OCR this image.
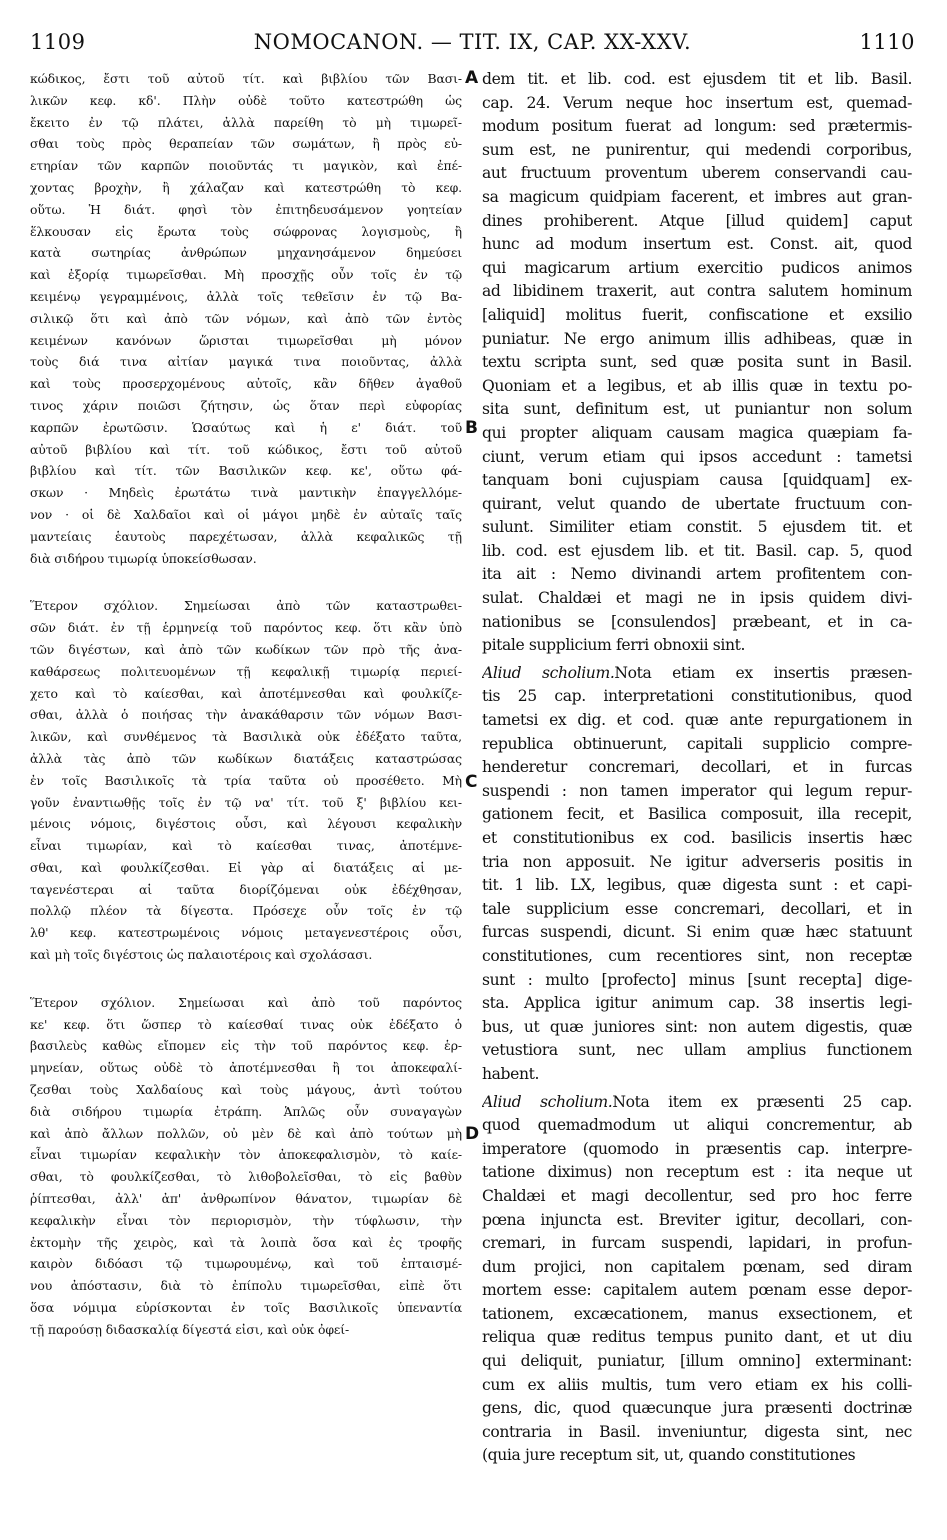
1109	NOMOCANON. — TIT. IX, CAP. XX-XXV.	1110
κώδικος, ἔστι τοῦ αὐτοῦ τίτ. καὶ βιβλίου τῶν Βασι-
λικῶν κεφ. κδ'. Πλὴν οὐδὲ τοῦτο κατεστρώθη ὡς
ἔκειτο ἐν τῷ πλάτει, ἀλλὰ παρείθη τὸ μὴ τιμωρεῖ-
σθαι τοὺς πρὸς θεραπείαν τῶν σωμάτων, ἢ πρὸς εὐ-
ετηρίαν τῶν καρπῶν ποιοῦντάς τι μαγικὸν, καὶ ἐπέ-
χοντας βροχὴν, ἢ χάλαζαν καὶ κατεστρώθη τὸ κεφ.
οὕτω. Ἡ διάτ. φησὶ τὸν ἐπιτηδευσάμενον γοητείαν
ἕλκουσαν εἰς ἔρωτα τοὺς σώφρονας λογισμοὺς, ἢ
κατὰ σωτηρίας ἀνθρώπων μηχανησάμενον δημεύσει
καὶ ἐξορίᾳ τιμωρεῖσθαι. Μὴ προσχῇς οὖν τοῖς ἐν τῷ
κειμένῳ γεγραμμένοις, ἀλλὰ τοῖς τεθεῖσιν ἐν τῷ Βα-
σιλικῷ ὅτι καὶ ἀπὸ τῶν νόμων, καὶ ἀπὸ τῶν ἐντὸς
κειμένων κανόνων ὥρισται τιμωρεῖσθαι μὴ μόνον
τοὺς διά τινα αἰτίαν μαγικά τινα ποιοῦντας, ἀλλὰ
καὶ τοὺς προσερχομένους αὐτοῖς, κἂν δῆθεν ἀγαθοῦ
τινος χάριν ποιῶσι ζήτησιν, ὡς ὅταν περὶ εὐφορίας
καρπῶν ἐρωτῶσιν. Ὡσαύτως καὶ ἡ ε' διάτ. τοῦ
αὐτοῦ βιβλίου καὶ τίτ. τοῦ κώδικος, ἔστι τοῦ αὐτοῦ
βιβλίου καὶ τίτ. τῶν Βασιλικῶν κεφ. κε', οὕτω φά-
σκων · Μηδεὶς ἐρωτάτω τινὰ μαντικὴν ἐπαγγελλόμε-
νον · οἱ δὲ Χαλδαῖοι καὶ οἱ μάγοι μηδὲ ἐν αὐταῖς ταῖς
μαντείαις ἑαυτοὺς παρεχέτωσαν, ἀλλὰ κεφαλικῶς τῇ
διὰ σιδήρου τιμωρίᾳ ὑποκείσθωσαν.
Ἕτερον σχόλιον. Σημείωσαι ἀπὸ τῶν καταστρωθει-
σῶν διάτ. ἐν τῇ ἑρμηνείᾳ τοῦ παρόντος κεφ. ὅτι κἂν ὑπὸ
τῶν διγέστων, καὶ ἀπὸ τῶν κωδίκων τῶν πρὸ τῆς ἀνα-
καθάρσεως πολιτευομένων τῇ κεφαλικῇ τιμωρίᾳ περιεί-
χετο καὶ τὸ καίεσθαι, καὶ ἀποτέμνεσθαι καὶ φουλκίζε-
σθαι, ἀλλὰ ὁ ποιήσας τὴν ἀνακάθαρσιν τῶν νόμων Βασι-
λικῶν, καὶ συνθέμενος τὰ Βασιλικὰ οὐκ ἐδέξατο ταῦτα,
ἀλλὰ τὰς ἀπὸ τῶν κωδίκων διατάξεις καταστρώσας
ἐν τοῖς Βασιλικοῖς τὰ τρία ταῦτα οὐ προσέθετο. Μὴ
γοῦν ἐναντιωθῇς τοῖς ἐν τῷ να' τίτ. τοῦ ξ' βιβλίου κει-
μένοις νόμοις, διγέστοις οὖσι, καὶ λέγουσι κεφαλικὴν
εἶναι τιμωρίαν, καὶ τὸ καίεσθαι τινας, ἀποτέμνε-
σθαι, καὶ φουλκίζεσθαι. Εἰ γὰρ αἱ διατάξεις αἱ με-
ταγενέστεραι αἱ ταῦτα διορίζόμεναι οὐκ ἐδέχθησαν,
πολλῷ πλέον τὰ δίγεστα. Πρόσεχε οὖν τοῖς ἐν τῷ
λθ' κεφ. κατεστρωμένοις νόμοις μεταγενεστέροις οὖσι,
καὶ μὴ τοῖς διγέστοις ὡς παλαιοτέροις καὶ σχολάσασι.
Ἕτερον σχόλιον. Σημείωσαι καὶ ἀπὸ τοῦ παρόντος
κε' κεφ. ὅτι ὥσπερ τὸ καίεσθαί τινας οὐκ ἐδέξατο ὁ
βασιλεὺς καθὼς εἴπομεν εἰς τὴν τοῦ παρόντος κεφ. ἑρ-
μηνείαν, οὕτως οὐδὲ τὸ ἀποτέμνεσθαι ἢ τοι ἀποκεφαλί-
ζεσθαι τοὺς Χαλδαίους καὶ τοὺς μάγους, ἀντὶ τούτου
διὰ σιδήρου τιμωρία ἐτράπη. Ἁπλῶς οὖν συναγαγὼν
καὶ ἀπὸ ἄλλων πολλῶν, οὐ μὲν δὲ καὶ ἀπὸ τούτων μὴ
εἶναι τιμωρίαν κεφαλικὴν τὸν ἀποκεφαλισμὸν, τὸ καίε-
σθαι, τὸ φουλκίζεσθαι, τὸ λιθοβολεῖσθαι, τὸ εἰς βαθὺν
ῥίπτεσθαι, ἀλλ' ἀπ' ἀνθρωπίνον θάνατον, τιμωρίαν δὲ
κεφαλικὴν εἶναι τὸν περιορισμὸν, τὴν τύφλωσιν, τὴν
ἐκτομὴν τῆς χειρὸς, καὶ τὰ λοιπὰ ὅσα καὶ ἐς τροφῆς
καιρὸν διδόασι τῷ τιμωρουμένῳ, καὶ τοῦ ἐπταισμέ-
νου ἀπόστασιν, διὰ τὸ ἐπίπολυ τιμωρεῖσθαι, εἰπὲ ὅτι
ὅσα νόμιμα εὑρίσκονται ἐν τοῖς Βασιλικοῖς ὑπεναντία
τῇ παρούσῃ διδασκαλίᾳ δίγεστά εἰσι, καὶ οὐκ ὀφεί-
dem tit. et lib. cod. est ejusdem tit et lib. Basil.
cap. 24. Verum neque hoc insertum est, quemad-
modum positum fuerat ad longum: sed prætermis-
sum est, ne punirentur, qui medendi corporibus,
aut fructuum proventum uberem conservandi cau-
sa magicum quidpiam facerent, et imbres aut gran-
dines prohiberent. Atque [illud quidem] caput
hunc ad modum insertum est. Const. ait, quod
qui magicarum artium exercitio pudicos animos
ad libidinem traxerit, aut contra salutem hominum
[aliquid] molitus fuerit, confiscatione et exsilio
puniatur. Ne ergo animum illis adhibeas, quæ in
textu scripta sunt, sed quæ posita sunt in Basil.
Quoniam et a legibus, et ab illis quæ in textu po-
sita sunt, definitum est, ut puniantur non solum
qui propter aliquam causam magica quæpiam fa-
ciunt, verum etiam qui ipsos accedunt : tametsi
tanquam boni cujuspiam causa [quidquam] ex-
quirant, velut quando de ubertate fructuum con-
sulunt. Similiter etiam constit. 5 ejusdem tit. et
lib. cod. est ejusdem lib. et tit. Basil. cap. 5, quod
ita ait : Nemo divinandi artem profitentem con-
sulat. Chaldæi et magi ne in ipsis quidem divi-
nationibus se [consulendos] præbeant, et in ca-
pitale supplicium ferri obnoxii sint.
Aliud scholium.Nota etiam ex insertis præsen-
tis 25 cap. interpretationi constitutionibus, quod
tametsi ex dig. et cod. quæ ante repurgationem in
republica obtinuerunt, capitali supplicio compre-
henderetur concremari, decollari, et in furcas
suspendi : non tamen imperator qui legum repur-
gationem fecit, et Basilica composuit, illa recepit,
et constitutionibus ex cod. basilicis insertis hæc
tria non apposuit. Ne igitur adverseris positis in
tit. 1 lib. LX, legibus, quæ digesta sunt : et capi-
tale supplicium esse concremari, decollari, et in
furcas suspendi, dicunt. Si enim quæ hæc statuunt
constitutiones, cum recentiores sint, non receptæ
sunt : multo [profecto] minus [sunt recepta] dige-
sta. Applica igitur animum cap. 38 insertis legi-
bus, ut quæ juniores sint: non autem digestis, quæ
vetustiora sunt, nec ullam amplius functionem
habent.
Aliud scholium.Nota item ex præsenti 25 cap.
quod quemadmodum ut aliqui concrementur, ab
imperatore (quomodo in præsentis cap. interpre-
tatione diximus) non receptum est : ita neque ut
Chaldæi et magi decollentur, sed pro hoc ferre
pœna injuncta est. Breviter igitur, decollari, con-
cremari, in furcam suspendi, lapidari, in profun-
dum projici, non capitalem pœnam, sed diram
mortem esse: capitalem autem pœnam esse depor-
tationem, excæcationem, manus exsectionem, et
reliqua quæ reditus tempus punito dant, et ut diu
qui deliquit, puniatur, [illum omnino] exterminant:
cum ex aliis multis, tum vero etiam ex his colli-
gens, dic, quod quæcunque jura præsenti doctrinæ
contraria in Basil. inveniuntur, digesta sint, nec
(quia jure receptum sit, ut, quando constitutiones
A
B
C
D
